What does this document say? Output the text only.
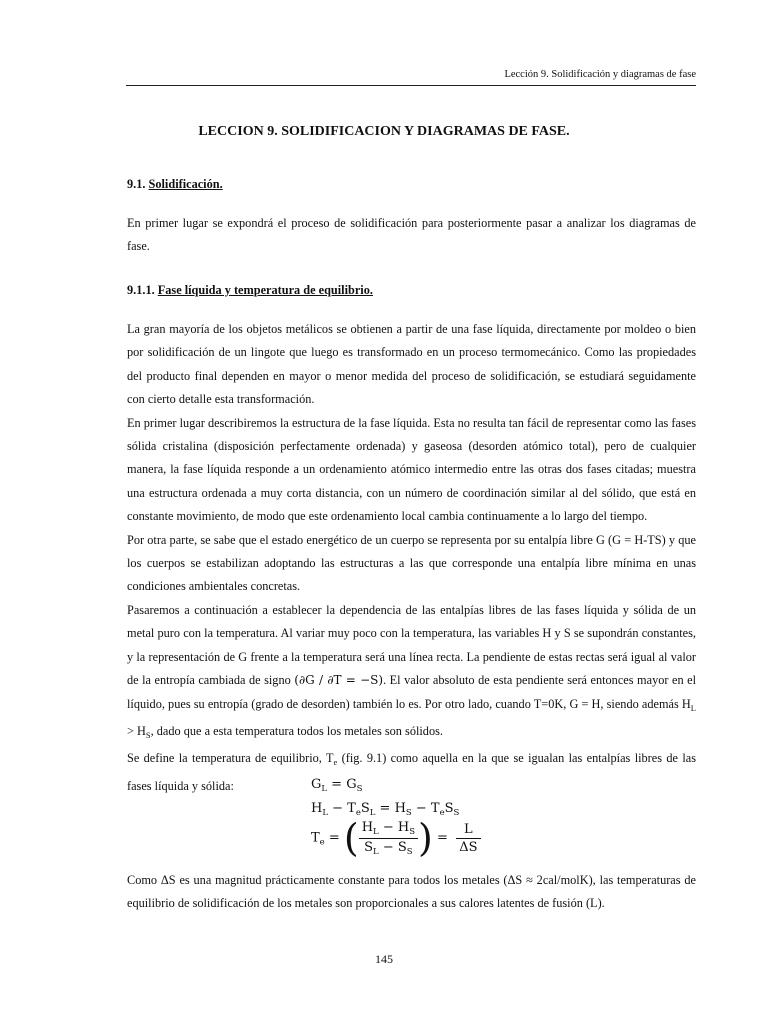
Lección 9. Solidificación y diagramas de fase
LECCION 9. SOLIDIFICACION Y DIAGRAMAS DE FASE.
9.1. Solidificación.

En primer lugar se expondrá el proceso de solidificación para posteriormente pasar a analizar los diagramas de fase.

9.1.1. Fase líquida y temperatura de equilibrio.

La gran mayoría de los objetos metálicos se obtienen a partir de una fase líquida, directamente por moldeo o bien por solidificación de un lingote que luego es transformado en un proceso termomecánico. Como las propiedades del producto final dependen en mayor o menor medida del proceso de solidificación, se estudiará seguidamente con cierto detalle esta transformación.

En primer lugar describiremos la estructura de la fase líquida. Esta no resulta tan fácil de representar como las fases sólida cristalina (disposición perfectamente ordenada) y gaseosa (desorden atómico total), pero de cualquier manera, la fase líquida responde a un ordenamiento atómico intermedio entre las otras dos fases citadas; muestra una estructura ordenada a muy corta distancia, con un número de coordinación similar al del sólido, que está en constante movimiento, de modo que este ordenamiento local cambia continuamente a lo largo del tiempo.

Por otra parte, se sabe que el estado energético de un cuerpo se representa por su entalpía libre G (G = H-TS) y que los cuerpos se estabilizan adoptando las estructuras a las que corresponde una entalpía libre mínima en unas condiciones ambientales concretas.

Pasaremos a continuación a establecer la dependencia de las entalpías libres de las fases líquida y sólida de un metal puro con la temperatura. Al variar muy poco con la temperatura, las variables H y S se supondrán constantes, y la representación de G frente a la temperatura será una línea recta. La pendiente de estas rectas será igual al valor de la entropía cambiada de signo (∂G / ∂T = −S). El valor absoluto de esta pendiente será entonces mayor en el líquido, pues su entropía (grado de desorden) también lo es. Por otro lado, cuando T=0K, G = H, siendo además $H_L > H_S$, dado que a esta temperatura todos los metales son sólidos.

Se define la temperatura de equilibrio, $T_e$ (fig. 9.1) como aquella en la que se igualan las entalpías libres de las fases líquida y sólida:	$G_L = G_S$
$H_L - T_eS_L = H_S - T_eS_S$
$T_e$ = ( $\frac{H_L - H_S}{S_L - S_S}$ ) = $\frac{L}{\Delta S}$

Como ΔS es una magnitud prácticamente constante para todos los metales (ΔS ≈ 2cal/molK), las temperaturas de equilibrio de solidificación de los metales son proporcionales a sus calores latentes de fusión (L).

145
